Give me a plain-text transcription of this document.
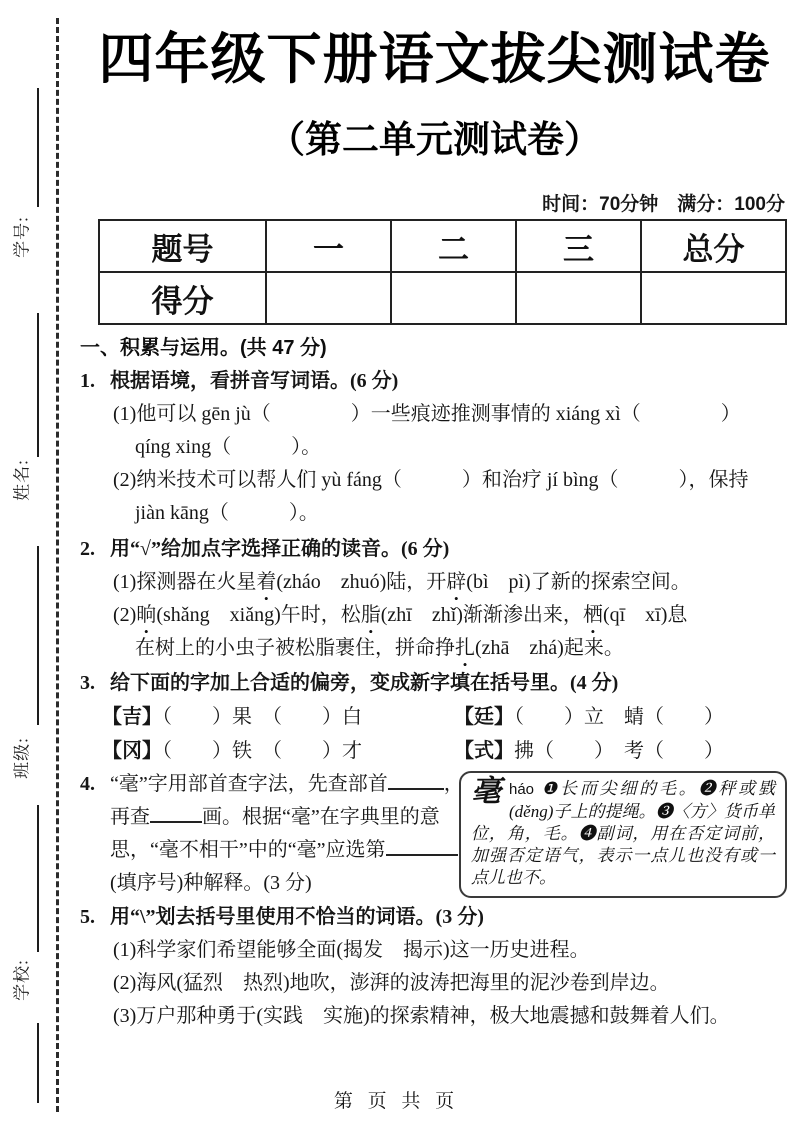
学号:
姓名:
班级:
学校:
四年级下册语文拔尖测试卷
（第二单元测试卷）
时间：70分钟　满分：100分
题号	一	二	三	总分
得分				
一、积累与运用。(共 47 分)
1. 根据语境，看拼音写词语。(6 分)
(1)他可以 gēn jù（　　　　）一些痕迹推测事情的 xiáng xì（　　　　）
qíng xing（　　　）。
(2)纳米技术可以帮人们 yù fáng（　　　）和治疗 jí bìng（　　　），保持
jiàn kāng（　　　）。
2. 用“√”给加点字选择正确的读音。(6 分)
(1)探测器在火星着(zháo　zhuó)陆，开辟(bì　pì)了新的探索空间。
(2)晌(shǎng　xiǎng)午时，松脂(zhī　zhǐ)渐渐渗出来，栖(qī　xī)息
在树上的小虫子被松脂裹住，拼命挣扎(zhā　zhá)起来。
3. 给下面的字加上合适的偏旁，变成新字填在括号里。(4 分)
【吉】（　　）果　（　　）白	【廷】（　　）立　蜻（　　）
【冈】（　　）铁　（　　）才	【式】拂（　　）　考（　　）
4. “毫”字用部首查字法，先查部首	，
再查	画。根据“毫”在字典里的意
思，“毫不相干”中的“毫”应选第
(填序号)种解释。(3 分)
毫háo ❶长而尖细的毛。❷秤或戥(děng)子上的提绳。❸〈方〉货币单位，角，毛。❹副词，用在否定词前，加强否定语气，表示一点儿也没有或一点儿也不。
5. 用“\”划去括号里使用不恰当的词语。(3 分)
(1)科学家们希望能够全面(揭发　揭示)这一历史进程。
(2)海风(猛烈　热烈)地吹，澎湃的波涛把海里的泥沙卷到岸边。
(3)万户那种勇于(实践　实施)的探索精神，极大地震撼和鼓舞着人们。
第 页 共 页
